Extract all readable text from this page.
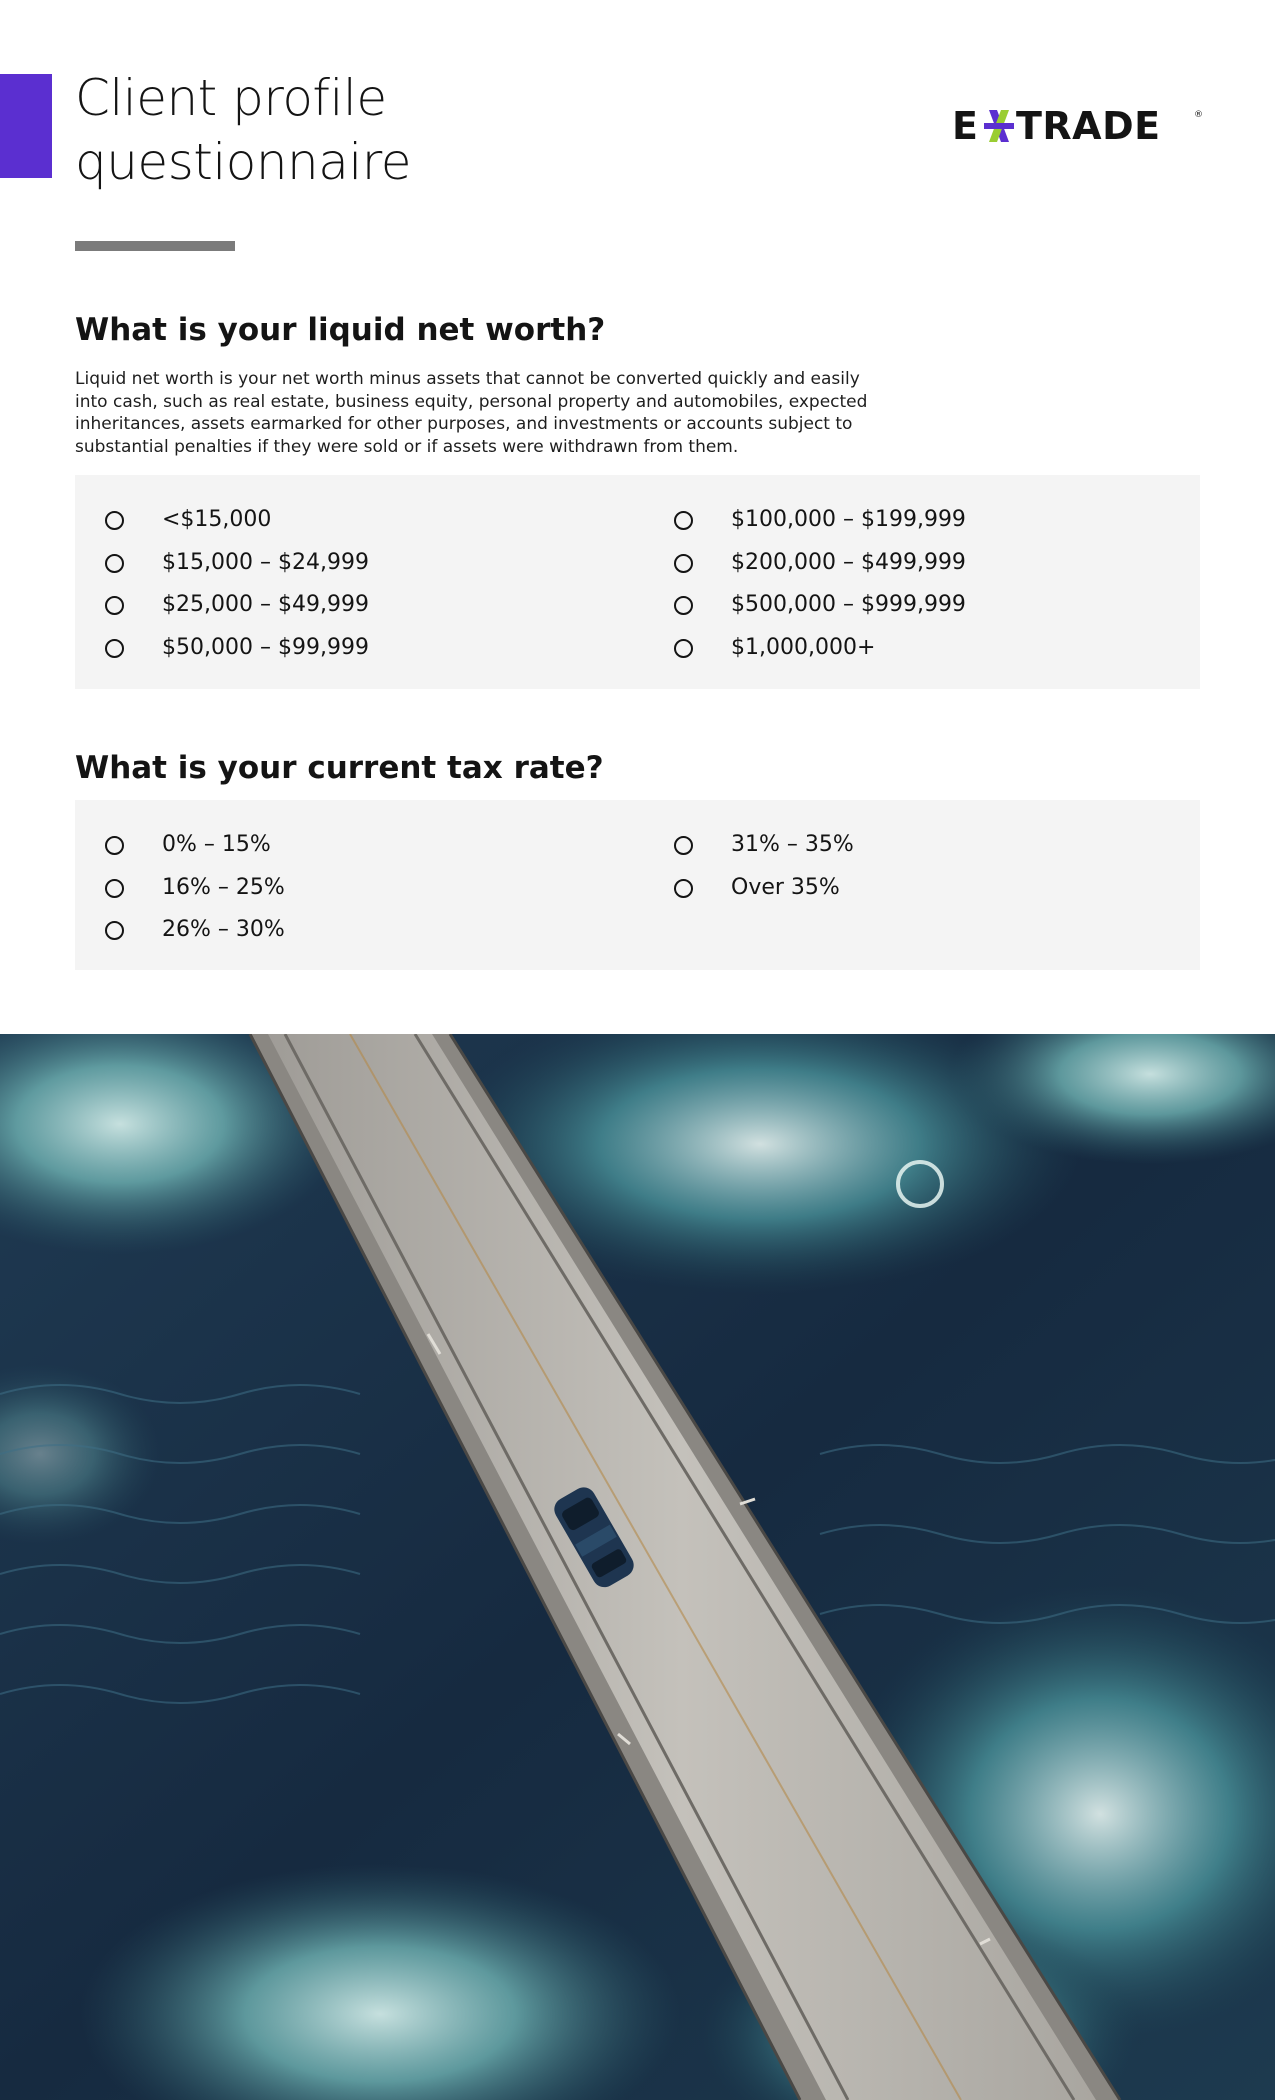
Client profile
questionnaire
E TRADE	®
What is your liquid net worth?

Liquid net worth is your net worth minus assets that cannot be converted quickly and easily into cash, such as real estate, business equity, personal property and automobiles, expected inheritances, assets earmarked for other purposes, and investments or accounts subject to substantial penalties if they were sold or if assets were withdrawn from them.

<$15,000
$15,000 – $24,999
$25,000 – $49,999
$50,000 – $99,999
$100,000 – $199,999
$200,000 – $499,999
$500,000 – $999,999
$1,000,000+
What is your current tax rate?
0% – 15%
16% – 25%
26% – 30%
31% – 35%
Over 35%
